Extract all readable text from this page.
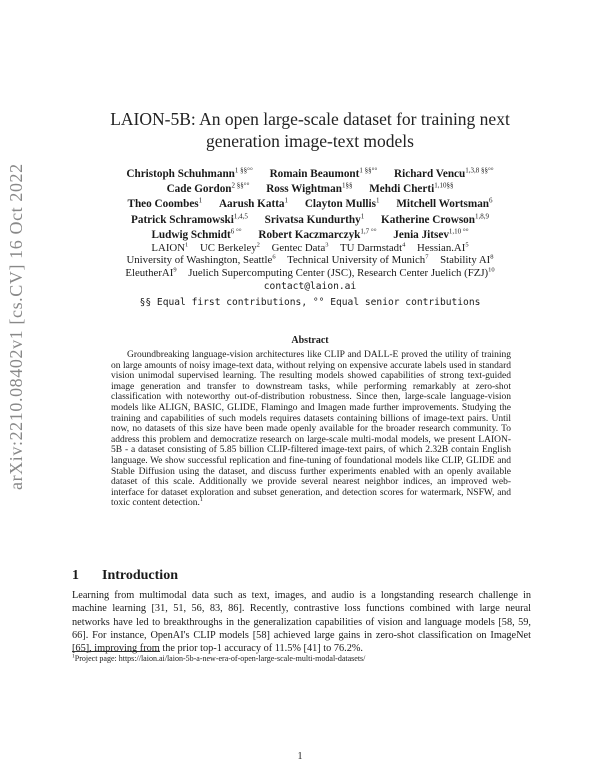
arXiv:2210.08402v1 [cs.CV] 16 Oct 2022
LAION-5B: An open large-scale dataset for training next
generation image-text models
Christoph Schuhmann$^{1 \S\S^\circ^\circ}$ Romain Beaumont$^{1 \S\S^\circ^\circ}$ Richard Vencu$^{1,3,8 \S\S^\circ^\circ}$
Cade Gordon$^{2 \S\S^\circ^\circ}$ Ross Wightman$^{1\S\S}$ Mehdi Cherti$^{1,10\S\S}$
Theo Coombes$^1$ Aarush Katta$^1$ Clayton Mullis$^1$ Mitchell Wortsman$^6$
Patrick Schramowski$^{1,4,5}$ Srivatsa Kundurthy$^1$ Katherine Crowson$^{1,8,9}$
Ludwig Schmidt$^{6 ^\circ^\circ}$ Robert Kaczmarczyk$^{1,7 ^\circ^\circ}$ Jenia Jitsev$^{1,10 ^\circ^\circ}$
LAION$^1$ UC Berkeley$^2$ Gentec Data$^3$ TU Darmstadt$^4$ $Hessian.AI^5$
University of Washington, Seattle$^6$ Technical University of Munich$^7$ Stability $AI^8$
EleutherAI$^9$ Juelich Supercomputing Center (JSC), Research Center Juelich (FZJ)$^{10}$
contact@laion.ai
§§ Equal first contributions, °° Equal senior contributions
Abstract

Groundbreaking language-vision architectures like CLIP and DALL-E proved the utility of training on large amounts of noisy image-text data, without relying on expensive accurate labels used in standard vision unimodal supervised learning. The resulting models showed capabilities of strong text-guided image generation and transfer to downstream tasks, while performing remarkably at zero-shot classification with noteworthy out-of-distribution robustness. Since then, large-scale language-vision models like ALIGN, BASIC, GLIDE, Flamingo and Imagen made further improvements. Studying the training and capabilities of such models requires datasets containing billions of image-text pairs. Until now, no datasets of this size have been made openly available for the broader research community. To address this problem and democratize research on large-scale multi-modal models, we present LAION-5B - a dataset consisting of 5.85 billion CLIP-filtered image-text pairs, of which 2.32B contain English language. We show successful replication and fine-tuning of foundational models like CLIP, GLIDE and Stable Diffusion using the dataset, and discuss further experiments enabled with an openly available dataset of this scale. Additionally we provide several nearest neighbor indices, an improved web-interface for dataset exploration and subset generation, and detection scores for watermark, NSFW, and toxic content detection.$^1$

1 Introduction

Learning from multimodal data such as text, images, and audio is a longstanding research challenge in machine learning [31, 51, 56, 83, 86]. Recently, contrastive loss functions combined with large neural networks have led to breakthroughs in the generalization capabilities of vision and language models [58, 59, 66]. For instance, OpenAI's CLIP models [58] achieved large gains in zero-shot classification on ImageNet [65], improving from the prior top-1 accuracy of 11.5% [41] to 76.2%.

$^1$Project page: https://laion.ai/laion-5b-a-new-era-of-open-large-scale-multi-modal-datasets/
1
